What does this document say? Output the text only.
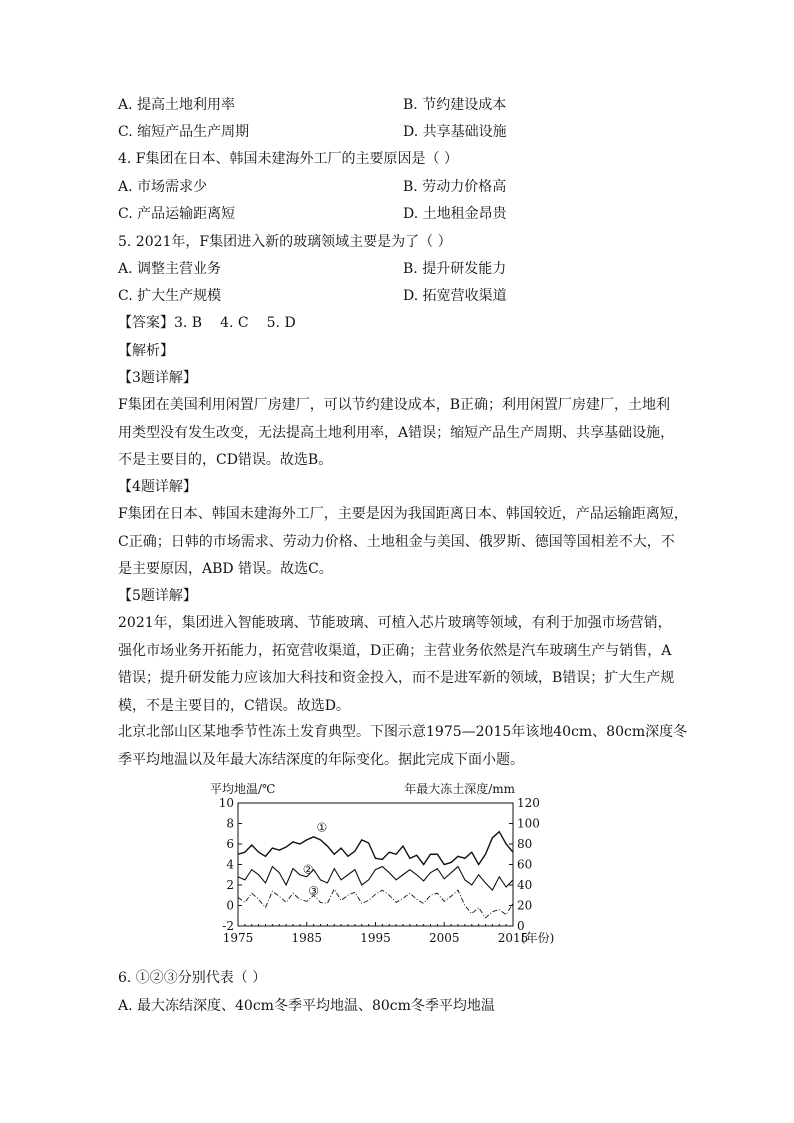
A. 提高土地利用率	B. 节约建设成本
C. 缩短产品生产周期	D. 共享基础设施
4. F集团在日本、韩国未建海外工厂的主要原因是（ ）
A. 市场需求少	B. 劳动力价格高
C. 产品运输距离短	D. 土地租金昂贵
5. 2021年，F集团进入新的玻璃领域主要是为了（ ）
A. 调整主营业务	B. 提升研发能力
C. 扩大生产规模	D. 拓宽营收渠道
【答案】3. B 4. C 5. D
【解析】
【3题详解】
F集团在美国利用闲置厂房建厂，可以节约建设成本，B正确；利用闲置厂房建厂，土地利
用类型没有发生改变，无法提高土地利用率，A错误；缩短产品生产周期、共享基础设施，
不是主要目的，CD错误。故选B。
【4题详解】
F集团在日本、韩国未建海外工厂，主要是因为我国距离日本、韩国较近，产品运输距离短，
C正确；日韩的市场需求、劳动力价格、土地租金与美国、俄罗斯、德国等国相差不大，不
是主要原因，ABD 错误。故选C。
【5题详解】
2021年，集团进入智能玻璃、节能玻璃、可植入芯片玻璃等领域，有利于加强市场营销，
强化市场业务开拓能力，拓宽营收渠道，D正确；主营业务依然是汽车玻璃生产与销售，A
错误；提升研发能力应该加大科技和资金投入，而不是进军新的领域，B错误；扩大生产规
模，不是主要目的，C错误。故选D。
北京北部山区某地季节性冻土发育典型。下图示意1975—2015年该地40cm、80cm深度冬
季平均地温以及年最大冻结深度的年际变化。据此完成下面小题。
10
8
6
4
2
0
-2
120
100
80
60
40
20
0
1975	1985	1995	2005	2015
(年份)
平均地温/℃	年最大冻土深度/mm
①
②
③
6. ①②③分别代表（ ）
A. 最大冻结深度、40cm冬季平均地温、80cm冬季平均地温
